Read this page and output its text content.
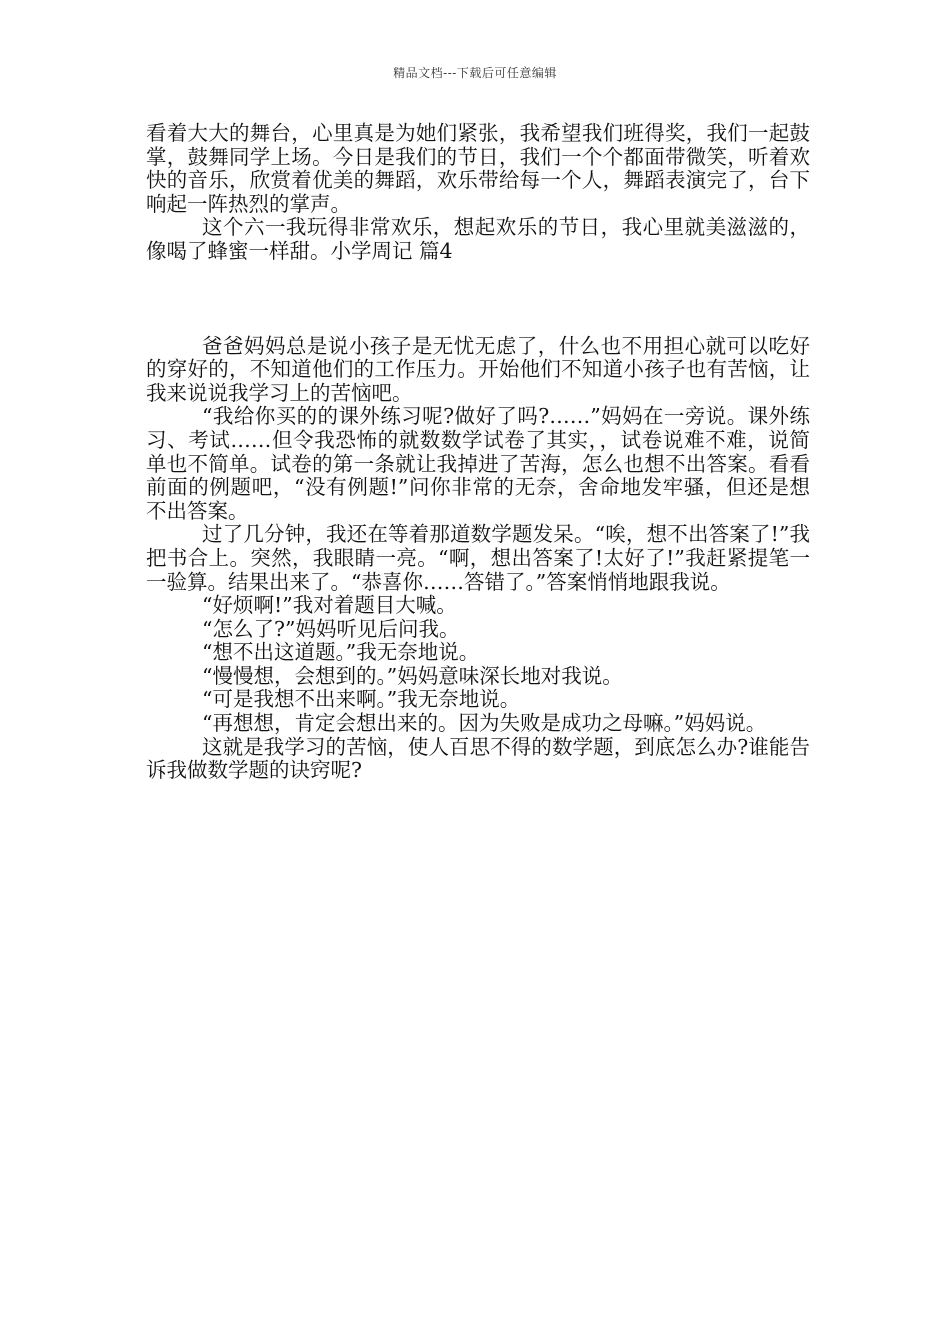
精品文档---下载后可任意编辑

看着大大的舞台，心里真是为她们紧张，我希望我们班得奖，我们一起鼓掌，鼓舞同学上场。今日是我们的节日，我们一个个都面带微笑，听着欢快的音乐，欣赏着优美的舞蹈，欢乐带给每一个人，舞蹈表演完了，台下响起一阵热烈的掌声。

这个六一我玩得非常欢乐，想起欢乐的节日，我心里就美滋滋的，像喝了蜂蜜一样甜。小学周记 篇4

爸爸妈妈总是说小孩子是无忧无虑了，什么也不用担心就可以吃好的穿好的，不知道他们的工作压力。开始他们不知道小孩子也有苦恼，让我来说说我学习上的苦恼吧。

“我给你买的的课外练习呢?做好了吗?……”妈妈在一旁说。课外练习、考试……但令我恐怖的就数数学试卷了其实，，试卷说难不难，说简单也不简单。试卷的第一条就让我掉进了苦海，怎么也想不出答案。看看前面的例题吧，“没有例题!”问你非常的无奈，舍命地发牢骚，但还是想不出答案。

过了几分钟，我还在等着那道数学题发呆。“唉，想不出答案了!”我把书合上。突然，我眼睛一亮。“啊，想出答案了!太好了!”我赶紧提笔一一验算。结果出来了。“恭喜你……答错了。”答案悄悄地跟我说。

“好烦啊!”我对着题目大喊。

“怎么了?”妈妈听见后问我。

“想不出这道题。”我无奈地说。

“慢慢想，会想到的。”妈妈意味深长地对我说。

“可是我想不出来啊。”我无奈地说。

“再想想，肯定会想出来的。因为失败是成功之母嘛。”妈妈说。

这就是我学习的苦恼，使人百思不得的数学题，到底怎么办?谁能告诉我做数学题的诀窍呢?
